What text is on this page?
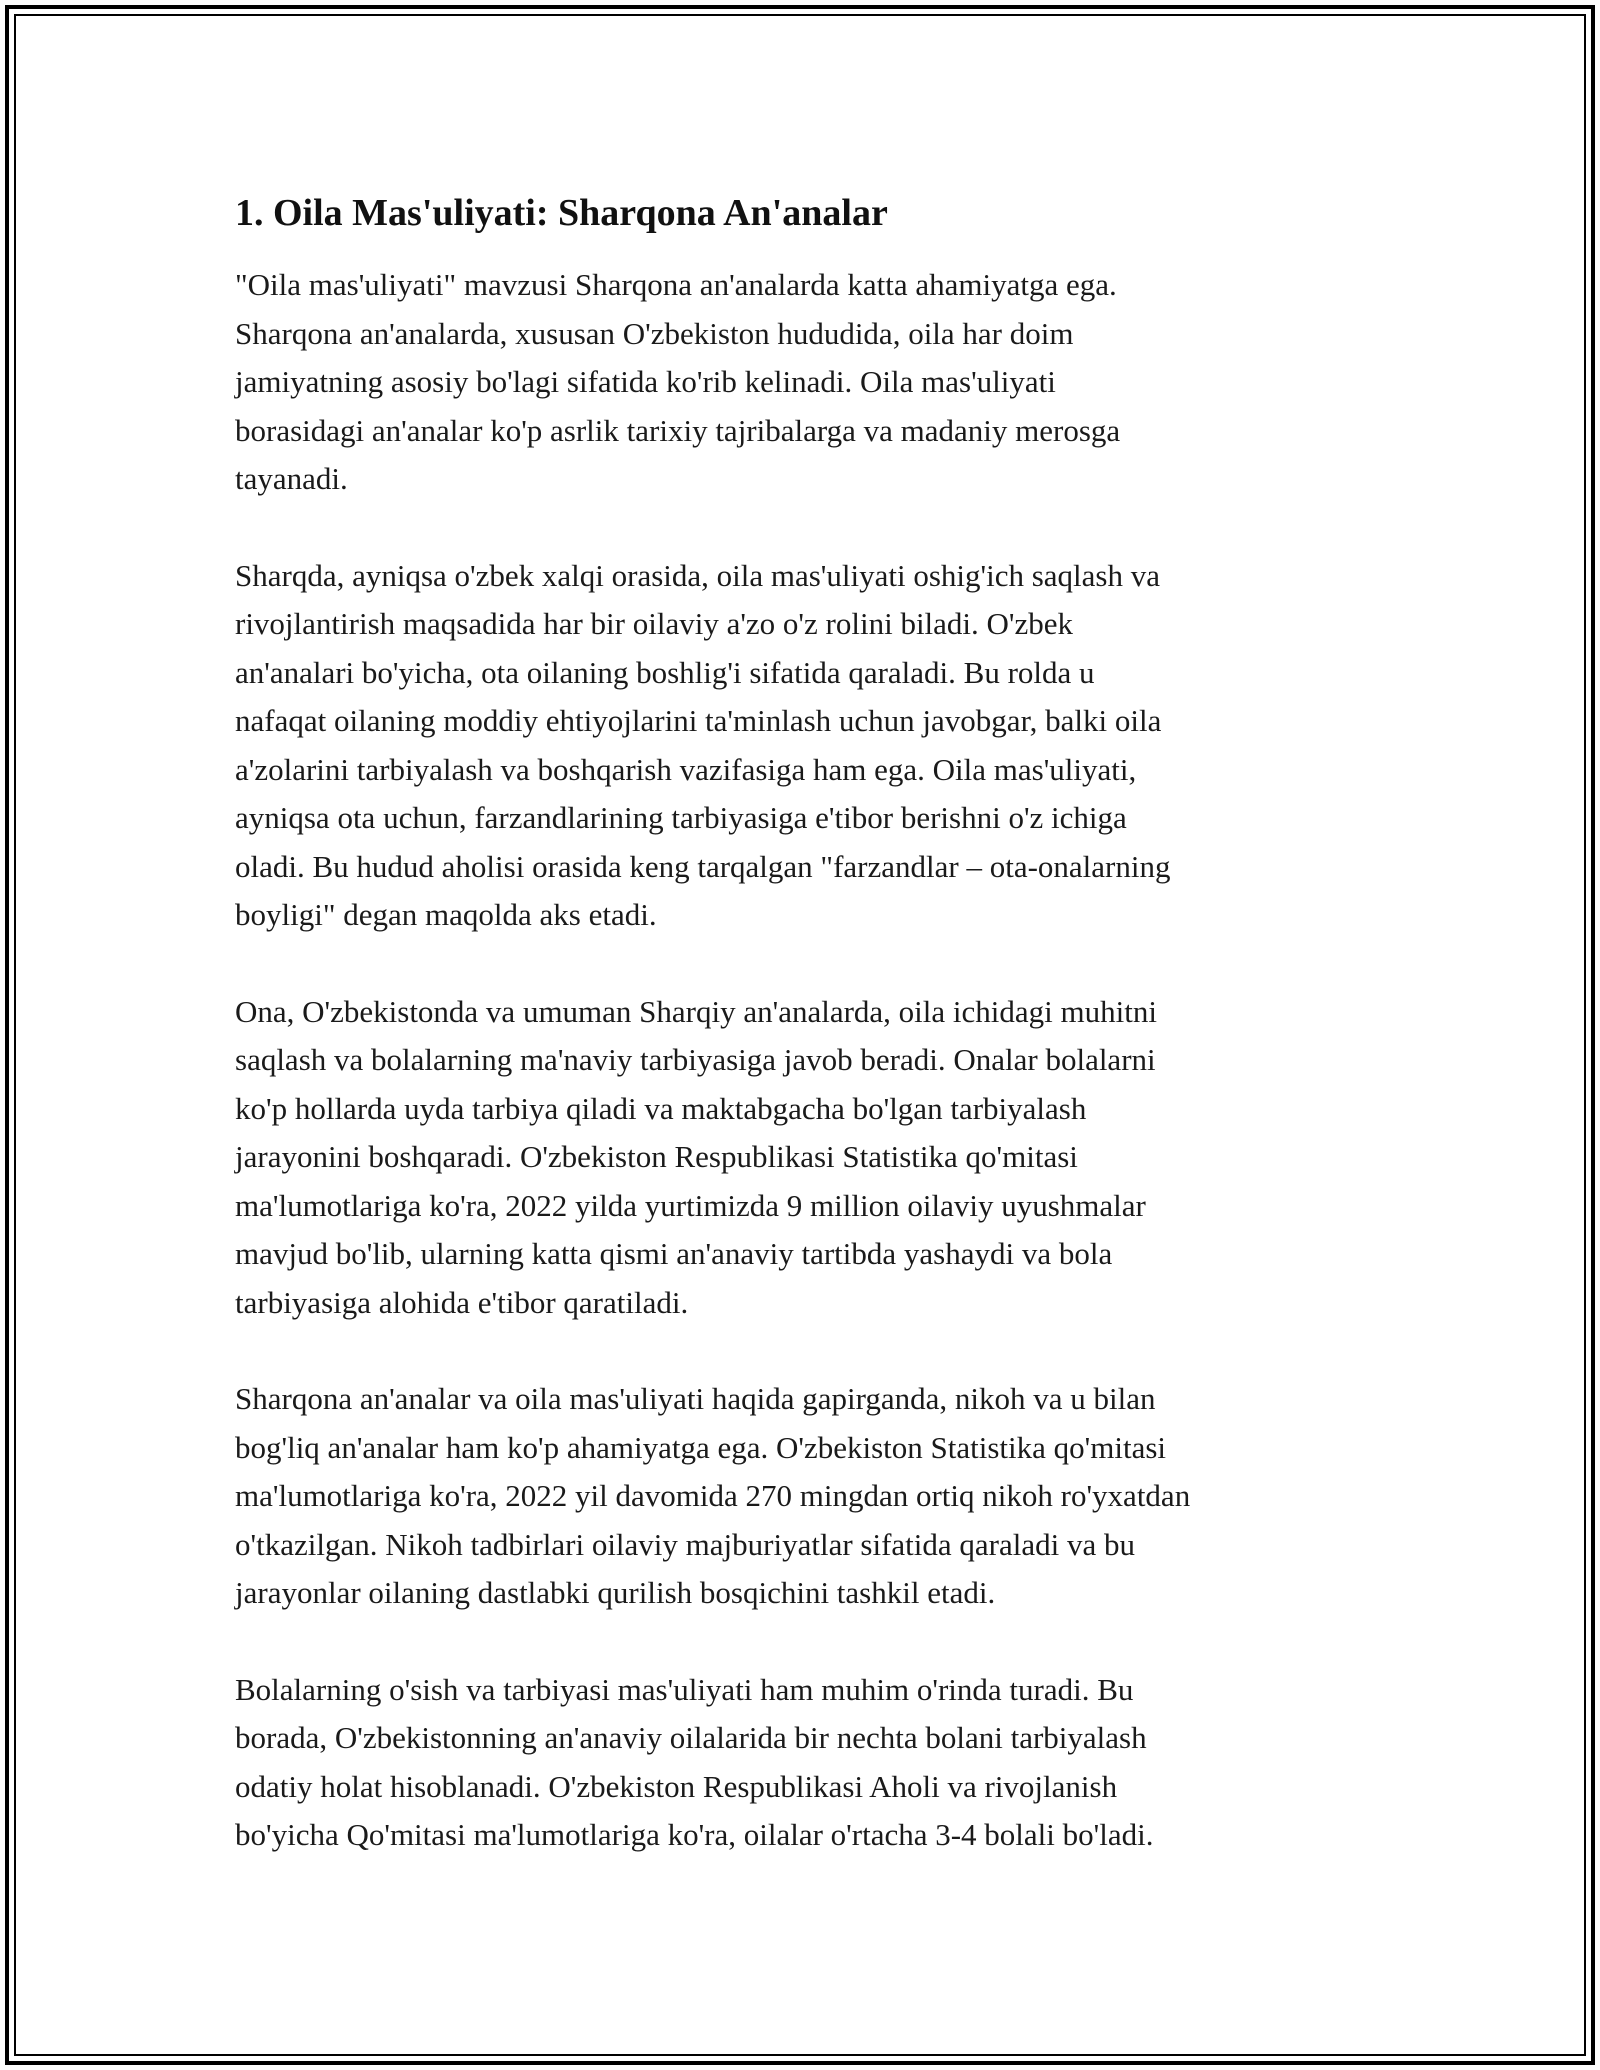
1. Oila Mas'uliyati: Sharqona An'analar

"Oila mas'uliyati" mavzusi Sharqona an'analarda katta ahamiyatga ega.
Sharqona an'analarda, xususan O'zbekiston hududida, oila har doim
jamiyatning asosiy bo'lagi sifatida ko'rib kelinadi. Oila mas'uliyati
borasidagi an'analar ko'p asrlik tarixiy tajribalarga va madaniy merosga
tayanadi.

Sharqda, ayniqsa o'zbek xalqi orasida, oila mas'uliyati oshig'ich saqlash va
rivojlantirish maqsadida har bir oilaviy a'zo o'z rolini biladi. O'zbek
an'analari bo'yicha, ota oilaning boshlig'i sifatida qaraladi. Bu rolda u
nafaqat oilaning moddiy ehtiyojlarini ta'minlash uchun javobgar, balki oila
a'zolarini tarbiyalash va boshqarish vazifasiga ham ega. Oila mas'uliyati,
ayniqsa ota uchun, farzandlarining tarbiyasiga e'tibor berishni o'z ichiga
oladi. Bu hudud aholisi orasida keng tarqalgan "farzandlar – ota-onalarning
boyligi" degan maqolda aks etadi.

Ona, O'zbekistonda va umuman Sharqiy an'analarda, oila ichidagi muhitni
saqlash va bolalarning ma'naviy tarbiyasiga javob beradi. Onalar bolalarni
ko'p hollarda uyda tarbiya qiladi va maktabgacha bo'lgan tarbiyalash
jarayonini boshqaradi. O'zbekiston Respublikasi Statistika qo'mitasi
ma'lumotlariga ko'ra, 2022 yilda yurtimizda 9 million oilaviy uyushmalar
mavjud bo'lib, ularning katta qismi an'anaviy tartibda yashaydi va bola
tarbiyasiga alohida e'tibor qaratiladi.

Sharqona an'analar va oila mas'uliyati haqida gapirganda, nikoh va u bilan
bog'liq an'analar ham ko'p ahamiyatga ega. O'zbekiston Statistika qo'mitasi
ma'lumotlariga ko'ra, 2022 yil davomida 270 mingdan ortiq nikoh ro'yxatdan
o'tkazilgan. Nikoh tadbirlari oilaviy majburiyatlar sifatida qaraladi va bu
jarayonlar oilaning dastlabki qurilish bosqichini tashkil etadi.

Bolalarning o'sish va tarbiyasi mas'uliyati ham muhim o'rinda turadi. Bu
borada, O'zbekistonning an'anaviy oilalarida bir nechta bolani tarbiyalash
odatiy holat hisoblanadi. O'zbekiston Respublikasi Aholi va rivojlanish
bo'yicha Qo'mitasi ma'lumotlariga ko'ra, oilalar o'rtacha 3-4 bolali bo'ladi.
